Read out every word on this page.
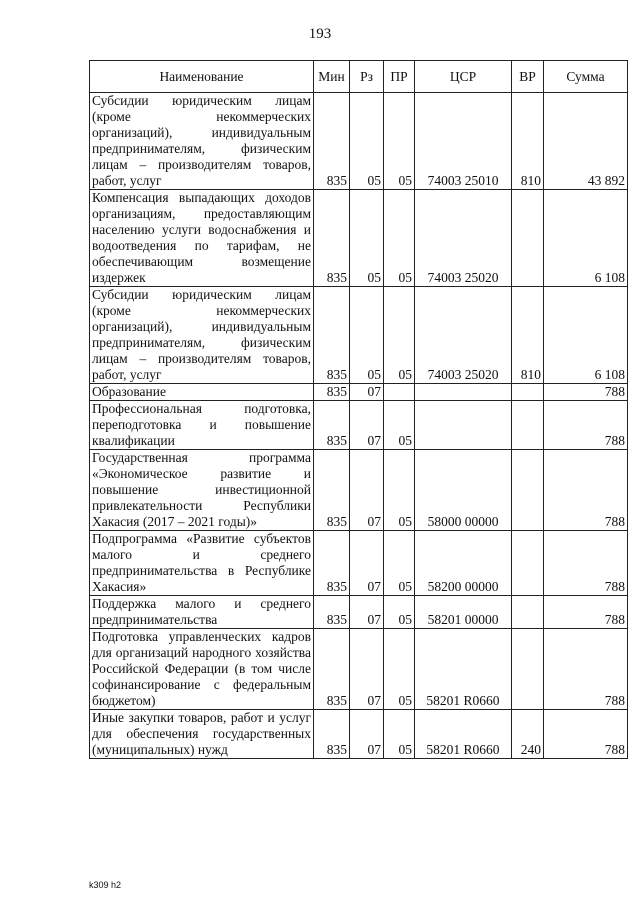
193
Наименование	Мин	Рз	ПР	ЦСР	ВР	Сумма
Субсидии юридическим лицам (кроме некоммерческих организаций), индивидуальным предпринимателям, физическим лицам – производителям товаров, работ, услуг	835	05	05	74003 25010	810	43 892
Компенсация выпадающих доходов организациям, предоставляющим населению услуги водоснабжения и водоотведения по тарифам, не обеспечивающим возмещение издержек	835	05	05	74003 25020		6 108
Субсидии юридическим лицам (кроме некоммерческих организаций), индивидуальным предпринимателям, физическим лицам – производителям товаров, работ, услуг	835	05	05	74003 25020	810	6 108
Образование	835	07				788
Профессиональная подготовка, переподготовка и повышение квалификации	835	07	05			788
Государственная программа «Экономическое развитие и повышение инвестиционной привлекательности Республики Хакасия (2017 – 2021 годы)»	835	07	05	58000 00000		788
Подпрограмма «Развитие субъектов малого и среднего предпринимательства в Республике Хакасия»	835	07	05	58200 00000		788
Поддержка малого и среднего предпринимательства	835	07	05	58201 00000		788
Подготовка управленческих кадров для организаций народного хозяйства Российской Федерации (в том числе софинансирование с федеральным бюджетом)	835	07	05	58201 R0660		788
Иные закупки товаров, работ и услуг для обеспечения государственных (муниципальных) нужд	835	07	05	58201 R0660	240	788
k309 h2
